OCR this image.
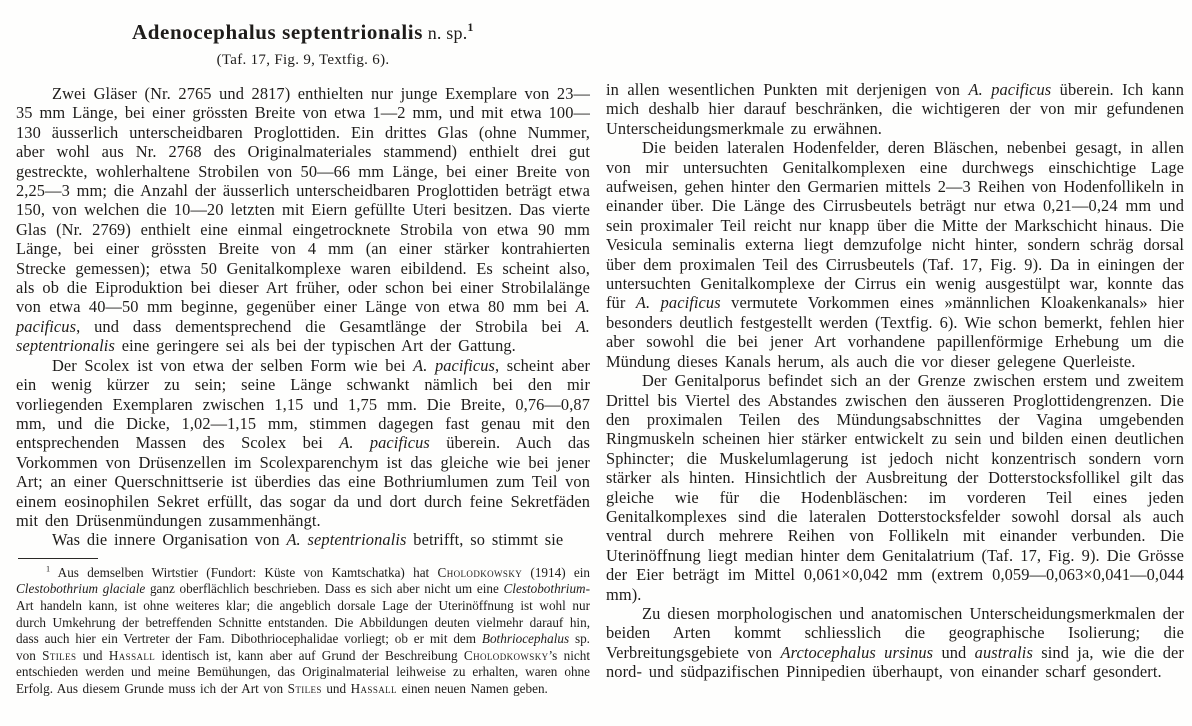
Adenocephalus septentrionalis n. sp.$^1$
(Taf. 17, Fig. 9, Textfig. 6).

Zwei Gläser (Nr. 2765 und 2817) enthielten nur junge Exemplare von 23—35 mm Länge, bei einer grössten Breite von etwa 1—2 mm, und mit etwa 100—130 äusserlich unterscheidbaren Proglottiden. Ein drittes Glas (ohne Nummer, aber wohl aus Nr. 2768 des Originalmateriales stammend) enthielt drei gut gestreckte, wohlerhaltene Strobilen von 50—66 mm Länge, bei einer Breite von 2,25—3 mm; die Anzahl der äusserlich unterscheidbaren Proglottiden beträgt etwa 150, von welchen die 10—20 letzten mit Eiern gefüllte Uteri besitzen. Das vierte Glas (Nr. 2769) enthielt eine einmal eingetrocknete Strobila von etwa 90 mm Länge, bei einer grössten Breite von 4 mm (an einer stärker kontrahierten Strecke gemessen); etwa 50 Genitalkomplexe waren eibildend. Es scheint also, als ob die Eiproduktion bei dieser Art früher, oder schon bei einer Strobilalänge von etwa 40—50 mm beginne, gegenüber einer Länge von etwa 80 mm bei A. pacificus, und dass dementsprechend die Gesamtlänge der Strobila bei A. septentrionalis eine geringere sei als bei der typischen Art der Gattung.

Der Scolex ist von etwa der selben Form wie bei A. pacificus, scheint aber ein wenig kürzer zu sein; seine Länge schwankt nämlich bei den mir vorliegenden Exemplaren zwischen 1,15 und 1,75 mm. Die Breite, 0,76—0,87 mm, und die Dicke, 1,02—1,15 mm, stimmen dagegen fast genau mit den entsprechenden Massen des Scolex bei A. pacificus überein. Auch das Vorkommen von Drüsenzellen im Scolexparenchym ist das gleiche wie bei jener Art; an einer Querschnittserie ist überdies das eine Bothriumlumen zum Teil von einem eosinophilen Sekret erfüllt, das sogar da und dort durch feine Sekretfäden mit den Drüsenmündungen zusammenhängt.

Was die innere Organisation von A. septentrionalis betrifft, so stimmt sie

$^1$ Aus demselben Wirtstier (Fundort: Küste von Kamtschatka) hat Cholodkowsky (1914) ein Clestobothrium glaciale ganz oberflächlich beschrieben. Dass es sich aber nicht um eine Clestobothrium-Art handeln kann, ist ohne weiteres klar; die angeblich dorsale Lage der Uterinöffnung ist wohl nur durch Umkehrung der betreffenden Schnitte entstanden. Die Abbildungen deuten vielmehr darauf hin, dass auch hier ein Vertreter der Fam. Dibothriocephalidae vorliegt; ob er mit dem Bothriocephalus sp. von Stiles und Hassall identisch ist, kann aber auf Grund der Beschreibung Cholodkowsky’s nicht entschieden werden und meine Bemühungen, das Originalmaterial leihweise zu erhalten, waren ohne Erfolg. Aus diesem Grunde muss ich der Art von Stiles und Hassall einen neuen Namen geben.

in allen wesentlichen Punkten mit derjenigen von A. pacificus überein. Ich kann mich deshalb hier darauf beschränken, die wichtigeren der von mir gefundenen Unterscheidungsmerkmale zu erwähnen.

Die beiden lateralen Hodenfelder, deren Bläschen, nebenbei gesagt, in allen von mir untersuchten Genitalkomplexen eine durchwegs einschichtige Lage aufweisen, gehen hinter den Germarien mittels 2—3 Reihen von Hodenfollikeln in einander über. Die Länge des Cirrusbeutels beträgt nur etwa 0,21—0,24 mm und sein proximaler Teil reicht nur knapp über die Mitte der Markschicht hinaus. Die Vesicula seminalis externa liegt demzufolge nicht hinter, sondern schräg dorsal über dem proximalen Teil des Cirrusbeutels (Taf. 17, Fig. 9). Da in einingen der untersuchten Genitalkomplexe der Cirrus ein wenig ausgestülpt war, konnte das für A. pacificus vermutete Vorkommen eines »männlichen Kloakenkanals» hier besonders deutlich festgestellt werden (Textfig. 6). Wie schon bemerkt, fehlen hier aber sowohl die bei jener Art vorhandene papillenförmige Erhebung um die Mündung dieses Kanals herum, als auch die vor dieser gelegene Querleiste.

Der Genitalporus befindet sich an der Grenze zwischen erstem und zweitem Drittel bis Viertel des Abstandes zwischen den äusseren Proglottidengrenzen. Die den proximalen Teilen des Mündungsabschnittes der Vagina umgebenden Ringmuskeln scheinen hier stärker entwickelt zu sein und bilden einen deutlichen Sphincter; die Muskelumlagerung ist jedoch nicht konzentrisch sondern vorn stärker als hinten. Hinsichtlich der Ausbreitung der Dotterstocksfollikel gilt das gleiche wie für die Hodenbläschen: im vorderen Teil eines jeden Genitalkomplexes sind die lateralen Dotterstocksfelder sowohl dorsal als auch ventral durch mehrere Reihen von Follikeln mit einander verbunden. Die Uterinöffnung liegt median hinter dem Genitalatrium (Taf. 17, Fig. 9). Die Grösse der Eier beträgt im Mittel 0,061×0,042 mm (extrem 0,059—0,063×0,041—0,044 mm).

Zu diesen morphologischen und anatomischen Unterscheidungsmerkmalen der beiden Arten kommt schliesslich die geographische Isolierung; die Verbreitungsgebiete von Arctocephalus ursinus und australis sind ja, wie die der nord- und südpazifischen Pinnipedien überhaupt, von einander scharf gesondert.
